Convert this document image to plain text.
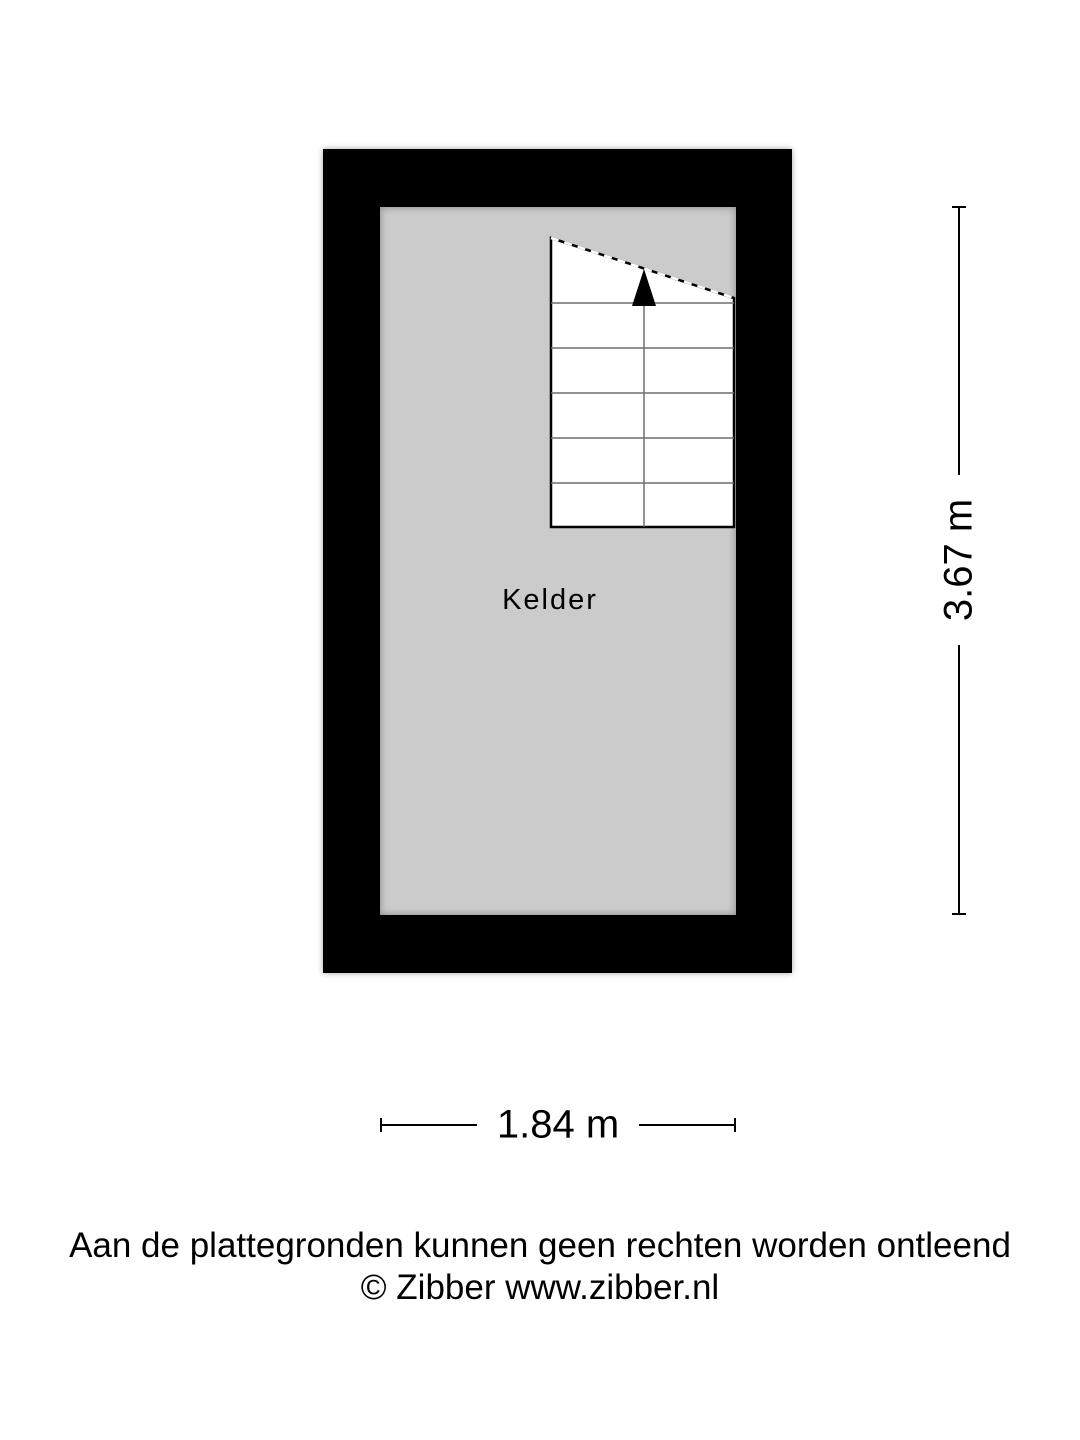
Kelder	3.67 m
1.84 m
Aan de plattegronden kunnen geen rechten worden ontleend
© Zibber www.zibber.nl
